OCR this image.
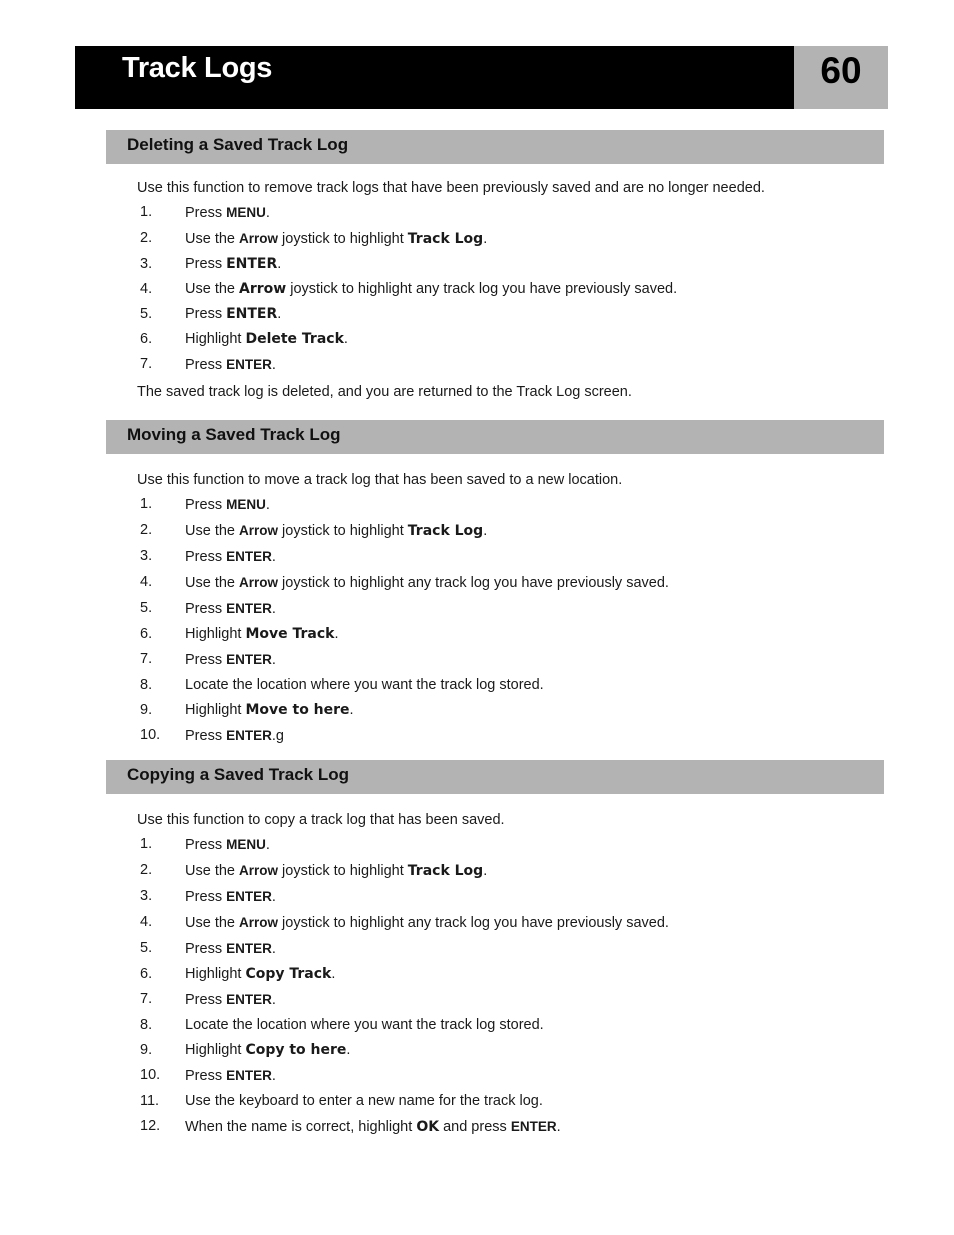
Track Logs	60
Deleting a Saved Track Log

Use this function to remove track logs that have been previously saved and are no longer needed.

1.	Press MENU.
2.	Use the Arrow joystick to highlight Track Log.
3.	Press ENTER.
4.	Use the Arrow joystick to highlight any track log you have previously saved.
5.	Press ENTER.
6.	Highlight Delete Track.
7.	Press ENTER.

The saved track log is deleted, and you are returned to the Track Log screen.

Moving a Saved Track Log

Use this function to move a track log that has been saved to a new location.

1.	Press MENU.
2.	Use the Arrow joystick to highlight Track Log.
3.	Press ENTER.
4.	Use the Arrow joystick to highlight any track log you have previously saved.
5.	Press ENTER.
6.	Highlight Move Track.
7.	Press ENTER.
8.	Locate the location where you want the track log stored.
9.	Highlight Move to here.
10.	Press ENTER.g
Copying a Saved Track Log

Use this function to copy a track log that has been saved.

1.	Press MENU.
2.	Use the Arrow joystick to highlight Track Log.
3.	Press ENTER.
4.	Use the Arrow joystick to highlight any track log you have previously saved.
5.	Press ENTER.
6.	Highlight Copy Track.
7.	Press ENTER.
8.	Locate the location where you want the track log stored.
9.	Highlight Copy to here.
10.	Press ENTER.
11.	Use the keyboard to enter a new name for the track log.
12.	When the name is correct, highlight OK and press ENTER.
